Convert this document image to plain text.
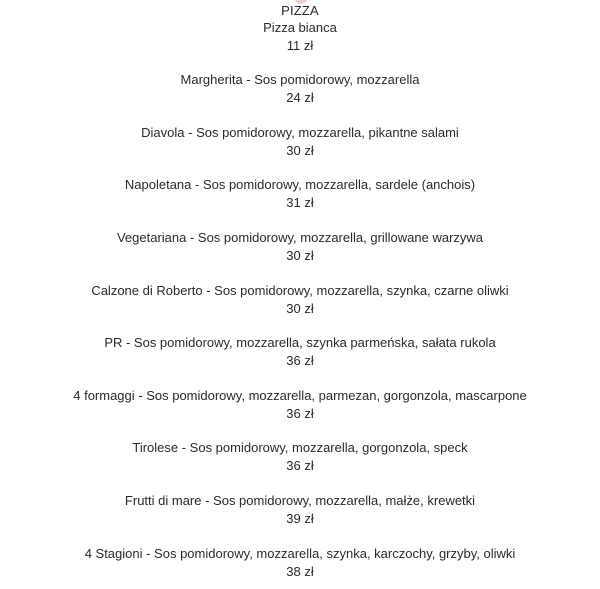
PIZZA
Pizza bianca
11 zł
Margherita - Sos pomidorowy, mozzarella
24 zł
Diavola - Sos pomidorowy, mozzarella, pikantne salami
30 zł
Napoletana - Sos pomidorowy, mozzarella, sardele (anchois)
31 zł
Vegetariana - Sos pomidorowy, mozzarella, grillowane warzywa
30 zł
Calzone di Roberto - Sos pomidorowy, mozzarella, szynka, czarne oliwki
30 zł
PR - Sos pomidorowy, mozzarella, szynka parmeńska, sałata rukola
36 zł
4 formaggi - Sos pomidorowy, mozzarella, parmezan, gorgonzola, mascarpone
36 zł
Tirolese - Sos pomidorowy, mozzarella, gorgonzola, speck
36 zł
Frutti di mare - Sos pomidorowy, mozzarella, małże, krewetki
39 zł
4 Stagioni - Sos pomidorowy, mozzarella, szynka, karczochy, grzyby, oliwki
38 zł
